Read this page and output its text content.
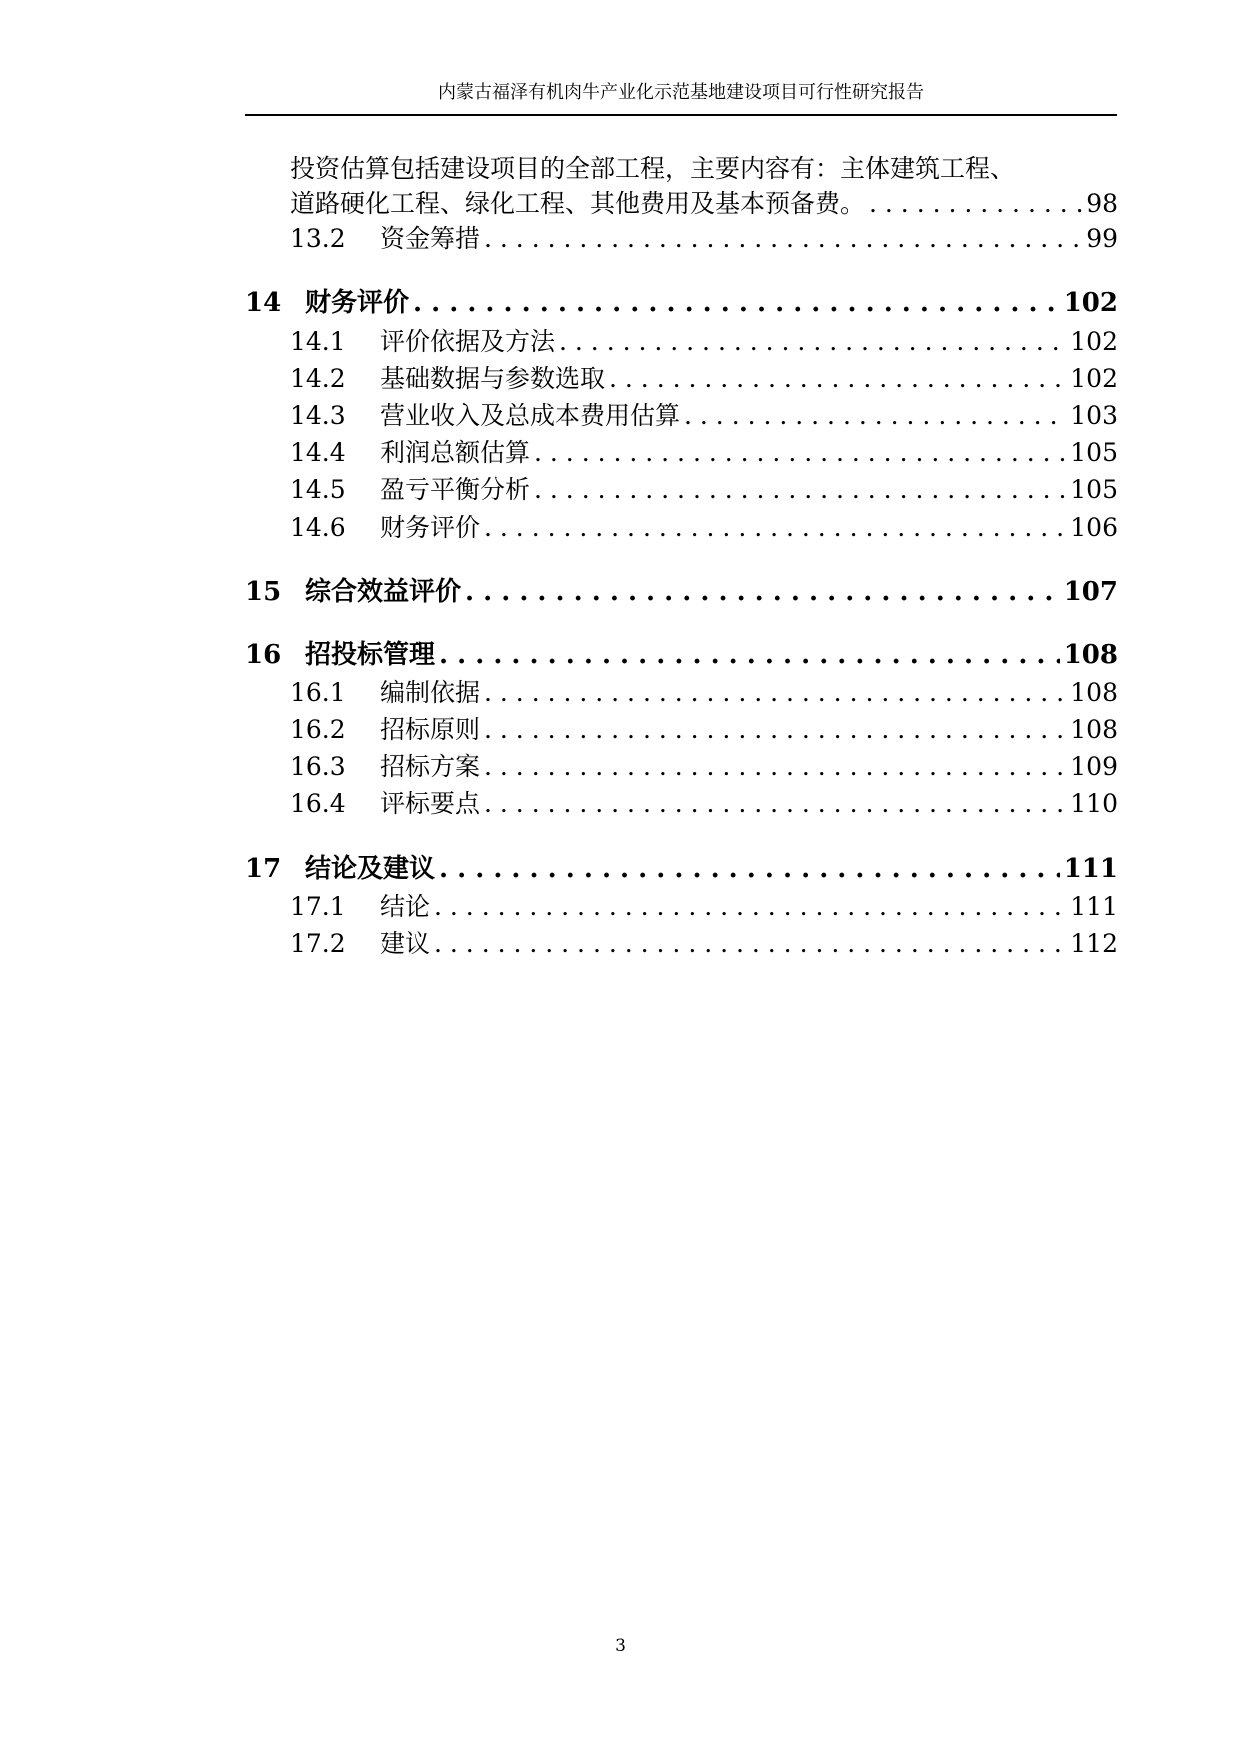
内蒙古福泽有机肉牛产业化示范基地建设项目可行性研究报告
投资估算包括建设项目的全部工程，主要内容有：主体建筑工程、
道路硬化工程、绿化工程、其他费用及基本预备费。 . . .	98
13.2	资金筹措 . . .	99
14 财务评价 . . .	102
14.1	评价依据及方法 . . .	102
14.2	基础数据与参数选取 . . .	102
14.3	营业收入及总成本费用估算 . . .	103
14.4	利润总额估算 . . .	105
14.5	盈亏平衡分析 . . .	105
14.6	财务评价 . . .	106
15 综合效益评价 . . .	107
16 招投标管理 . . .	108
16.1	编制依据 . . .	108
16.2	招标原则 . . .	108
16.3	招标方案 . . .	109
16.4	评标要点 . . .	110
17 结论及建议 . . .	111
17.1	结论 . . .	111
17.2	建议 . . .	112
3
